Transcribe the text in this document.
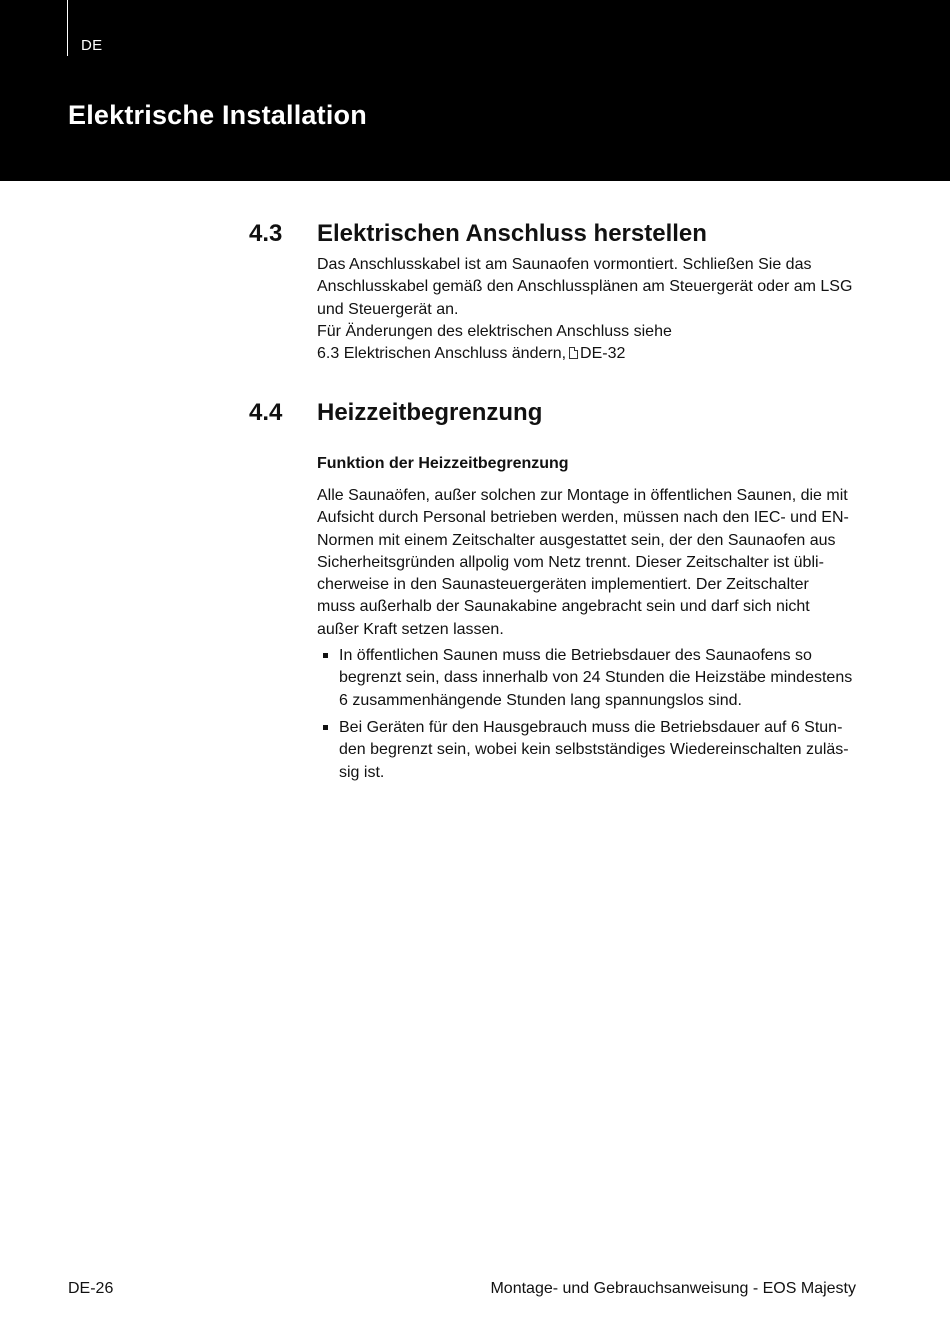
DE
Elektrische Installation
4.3 Elektrischen Anschluss herstellen

Das Anschlusskabel ist am Saunaofen vormontiert. Schließen Sie das

Anschlusskabel gemäß den Anschlussplänen am Steuergerät oder am LSG

und Steuergerät an.

Für Änderungen des elektrischen Anschluss siehe

6.3 Elektrischen Anschluss ändern, DE-32

4.4 Heizzeitbegrenzung
Funktion der Heizzeitbegrenzung

Alle Saunaöfen, außer solchen zur Montage in öffentlichen Saunen, die mit

Aufsicht durch Personal betrieben werden, müssen nach den IEC- und EN-

Normen mit einem Zeitschalter ausgestattet sein, der den Saunaofen aus

Sicherheitsgründen allpolig vom Netz trennt. Dieser Zeitschalter ist übli-

cherweise in den Saunasteuergeräten implementiert. Der Zeitschalter

muss außerhalb der Saunakabine angebracht sein und darf sich nicht

außer Kraft setzen lassen.

In öffentlichen Saunen muss die Betriebsdauer des Saunaofens so

begrenzt sein, dass innerhalb von 24 Stunden die Heizstäbe mindestens

6 zusammenhängende Stunden lang spannungslos sind.

Bei Geräten für den Hausgebrauch muss die Betriebsdauer auf 6 Stun-

den begrenzt sein, wobei kein selbstständiges Wiedereinschalten zuläs-

sig ist.

DE-26	Montage- und Gebrauchsanweisung - EOS Majesty
